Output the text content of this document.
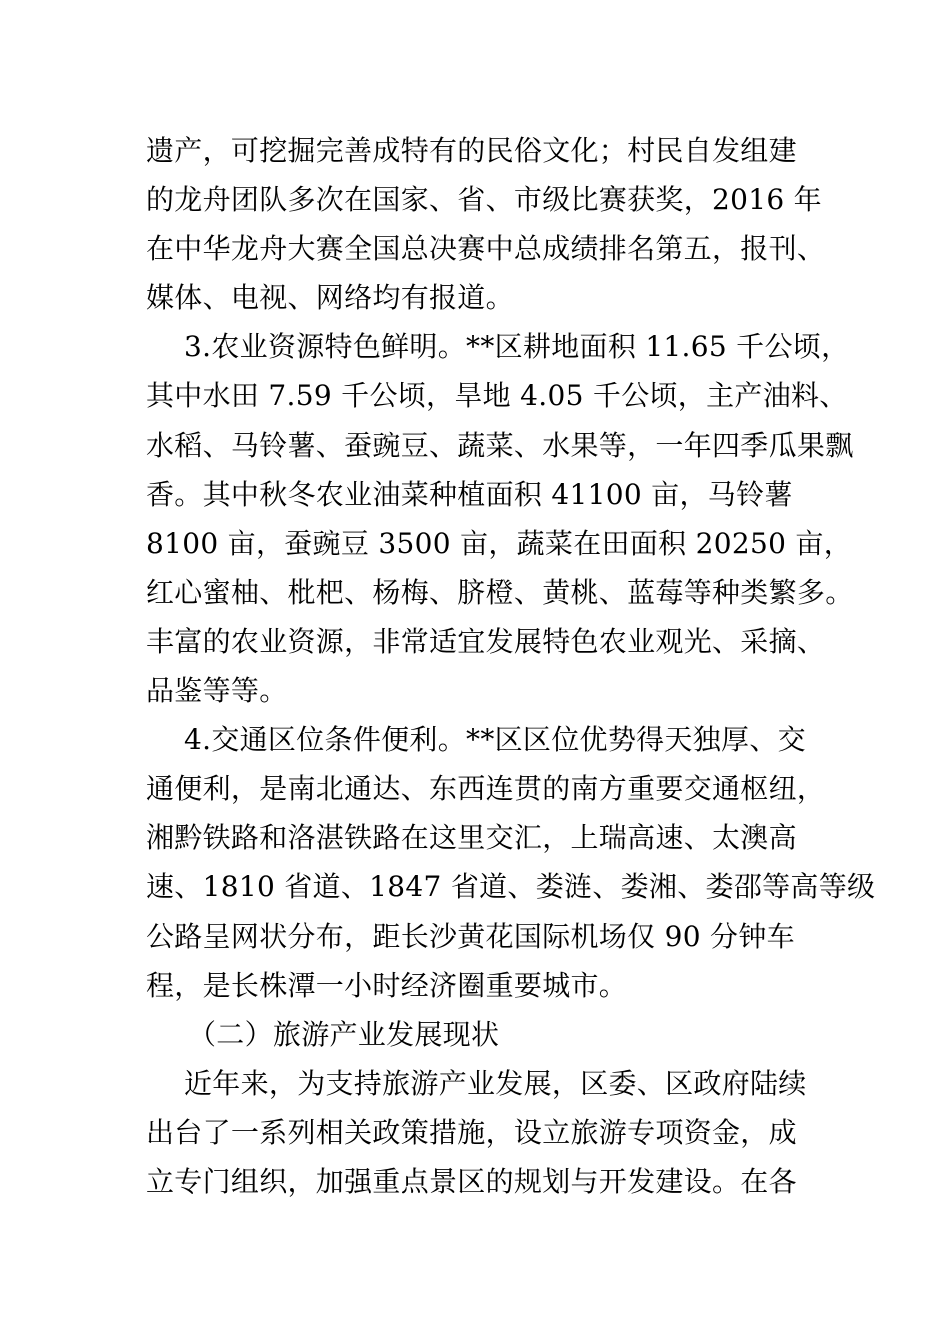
遗产，可挖掘完善成特有的民俗文化；村民自发组建
的龙舟团队多次在国家、省、市级比赛获奖，2016 年
在中华龙舟大赛全国总决赛中总成绩排名第五，报刊、
媒体、电视、网络均有报道。
3.农业资源特色鲜明。**区耕地面积 11.65 千公顷，
其中水田 7.59 千公顷，旱地 4.05 千公顷，主产油料、
水稻、马铃薯、蚕豌豆、蔬菜、水果等，一年四季瓜果飘
香。其中秋冬农业油菜种植面积 41100 亩，马铃薯
8100 亩，蚕豌豆 3500 亩，蔬菜在田面积 20250 亩，
红心蜜柚、枇杷、杨梅、脐橙、黄桃、蓝莓等种类繁多。
丰富的农业资源，非常适宜发展特色农业观光、采摘、
品鉴等等。
4.交通区位条件便利。**区区位优势得天独厚、交
通便利，是南北通达、东西连贯的南方重要交通枢纽，
湘黔铁路和洛湛铁路在这里交汇，上瑞高速、太澳高
速、1810 省道、1847 省道、娄涟、娄湘、娄邵等高等级
公路呈网状分布，距长沙黄花国际机场仅 90 分钟车
程，是长株潭一小时经济圈重要城市。
（二）旅游产业发展现状
近年来，为支持旅游产业发展，区委、区政府陆续
出台了一系列相关政策措施，设立旅游专项资金，成
立专门组织，加强重点景区的规划与开发建设。在各
